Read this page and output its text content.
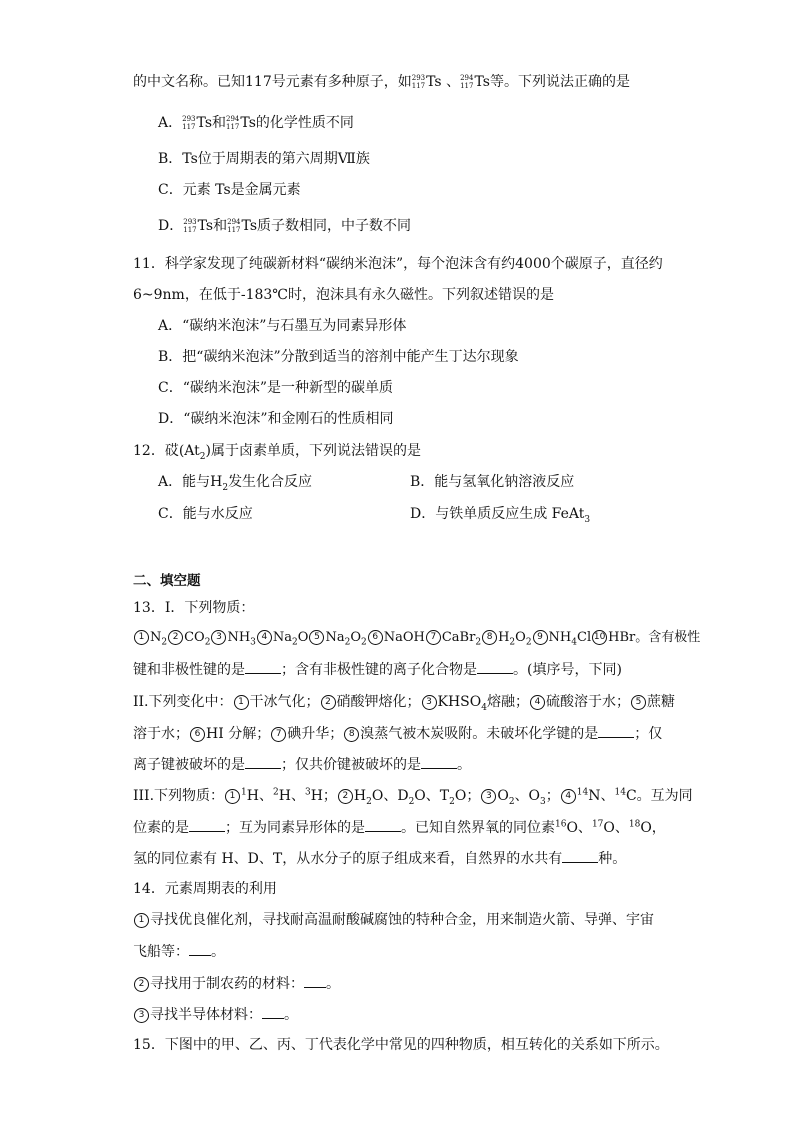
的中文名称。已知117号元素有多种原子，如 293
117 Ts 、 294
117 Ts等。下列说法正确的是
A． 293
117 Ts和 294
117 Ts的化学性质不同
B．Ts位于周期表的第六周期Ⅶ族
C．元素 Ts是金属元素
D． 293
117 Ts和 294
117 Ts质子数相同，中子数不同
11．科学家发现了纯碳新材料“碳纳米泡沫”，每个泡沫含有约4000个碳原子，直径约
6~9nm，在低于-183℃时，泡沫具有永久磁性。下列叙述错误的是
A．“碳纳米泡沫”与石墨互为同素异形体
B．把“碳纳米泡沫”分散到适当的溶剂中能产生丁达尔现象
C．“碳纳米泡沫”是一种新型的碳单质
D．“碳纳米泡沫”和金刚石的性质相同
12．砹$(At_2)$属于卤素单质，下列说法错误的是
A．能与$H_2$发生化合反应	B．能与氢氧化钠溶液反应
C．能与水反应	D．与铁单质反应生成 FeAt$_3$
二、填空题
13．I．下列物质：
1 $N_22$ $CO_23$ $NH_34$ $Na_2O$ 5 $Na_2O_26$ NaOH 7 CaBr$_2$8 $H_2O_29$ $NH_4Cl$ 10 HBr。含有极性
键和非极性键的是	；含有非极性键的离子化合物是	。(填序号，下同)
II.下列变化中： 1 干冰气化； 2 硝酸钾熔化； 3 $KHSO_4$熔融； 4 硫酸溶于水； 5 蔗糖
溶于水； 6 HI 分解； 7 碘升华； 8 溴蒸气被木炭吸附。未破坏化学键的是	；仅
离子键被破坏的是	；仅共价键被破坏的是	。
III.下列物质： 1 $^1$H、$^2$H、$^3$H； 2 $H_2O$、$D_2O$、$T_2O$； 3 $O_2$、$O_3$； 4 $^{14}$N、$^{14}$C。互为同
位素的是	；互为同素异形体的是	。已知自然界氧的同位素$^{16}$O、$^{17}$O、$^{18}$O，
氢的同位素有 H、D、T，从水分子的原子组成来看，自然界的水共有	种。
14．元素周期表的利用
1 寻找优良催化剂，寻找耐高温耐酸碱腐蚀的特种合金，用来制造火箭、导弹、宇宙
飞船等： 。
2 寻找用于制农药的材料： 。
3 寻找半导体材料： 。
15．下图中的甲、乙、丙、丁代表化学中常见的四种物质，相互转化的关系如下所示。
